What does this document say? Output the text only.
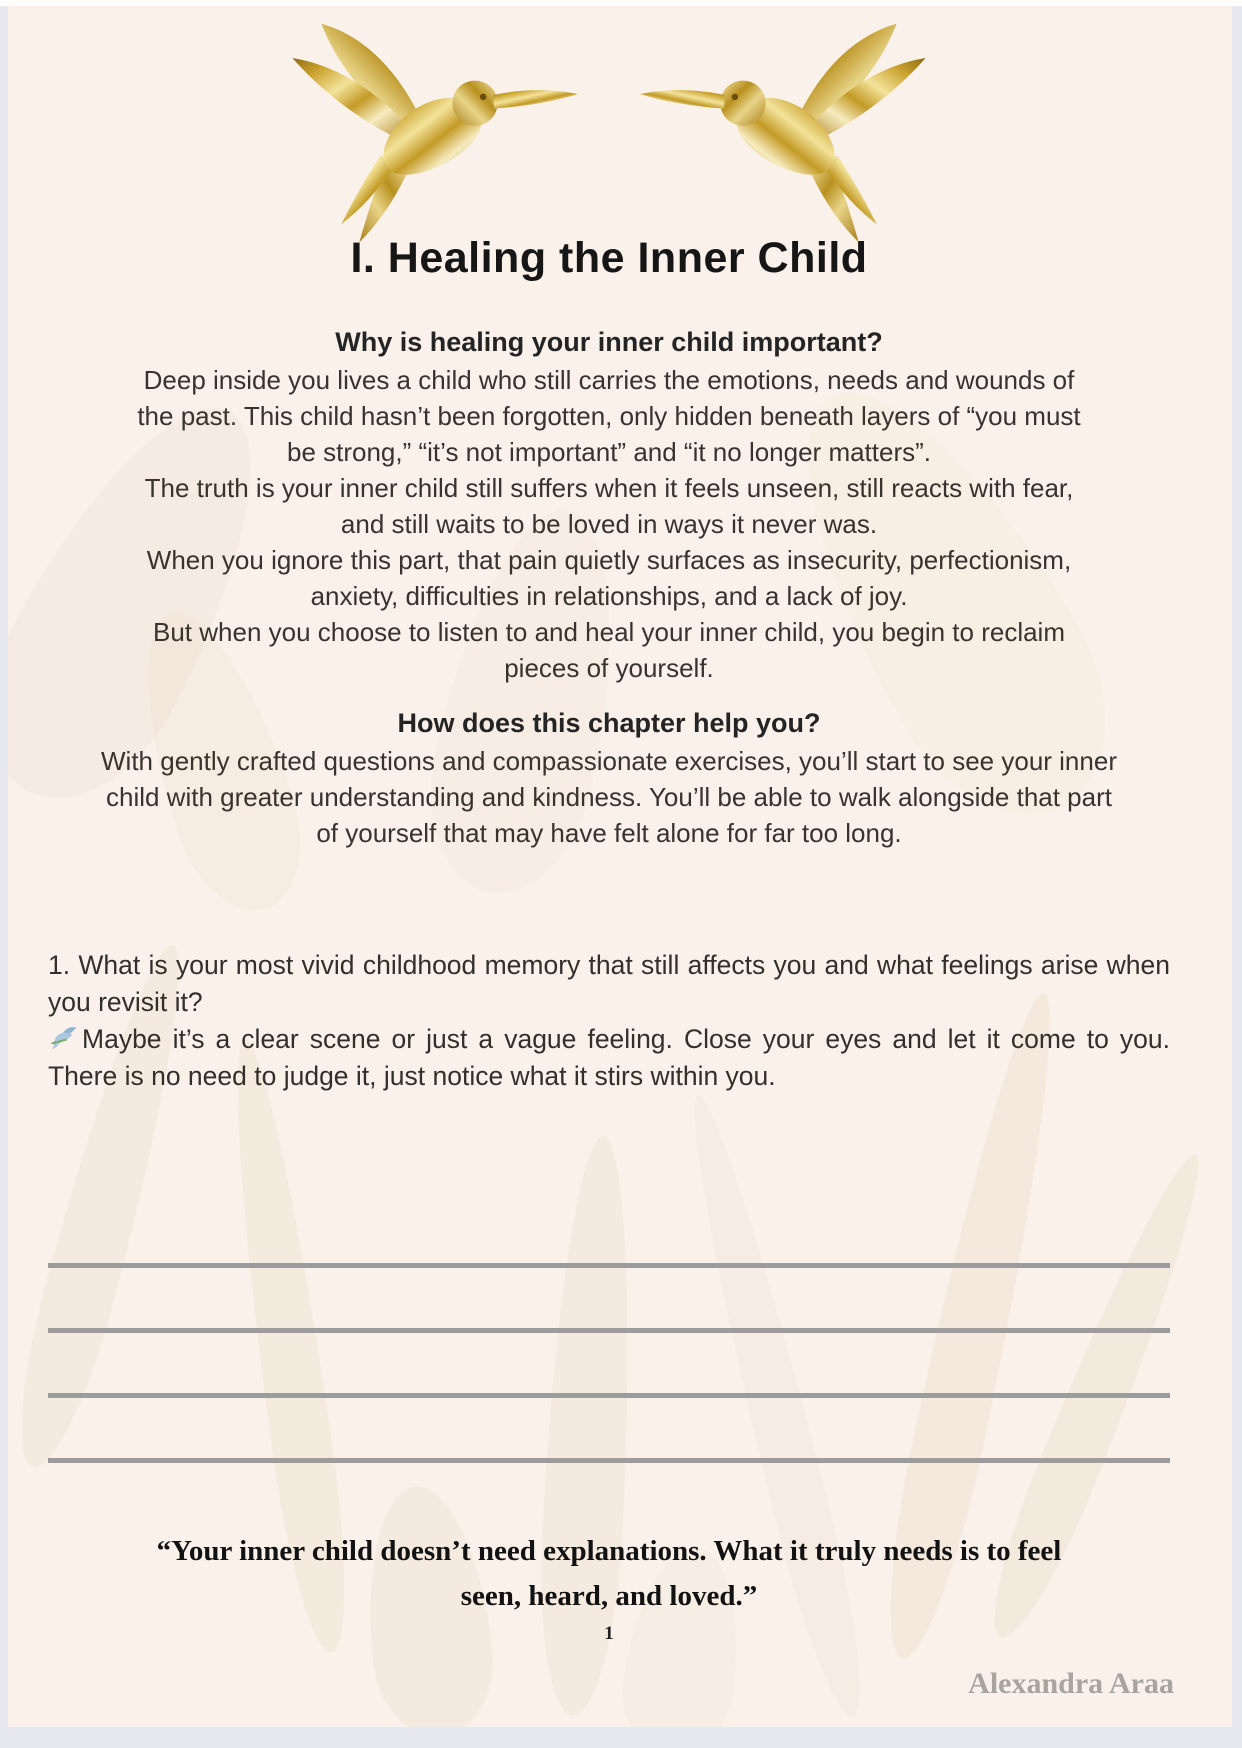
I. Healing the Inner Child
Why is healing your inner child important?

Deep inside you lives a child who still carries the emotions, needs and wounds of the past. This child hasn’t been forgotten, only hidden beneath layers of “you must be strong,” “it’s not important” and “it no longer matters”.

The truth is your inner child still suffers when it feels unseen, still reacts with fear, and still waits to be loved in ways it never was.

When you ignore this part, that pain quietly surfaces as insecurity, perfectionism, anxiety, difficulties in relationships, and a lack of joy.

But when you choose to listen to and heal your inner child, you begin to reclaim pieces of yourself.

How does this chapter help you?

With gently crafted questions and compassionate exercises, you’ll start to see your inner child with greater understanding and kindness. You’ll be able to walk alongside that part of yourself that may have felt alone for far too long.

1. What is your most vivid childhood memory that still affects you and what feelings arise when you revisit it?

Maybe it’s a clear scene or just a vague feeling. Close your eyes and let it come to you. There is no need to judge it, just notice what it stirs within you.

“Your inner child doesn’t need explanations. What it truly needs is to feel seen, heard, and loved.”
1
Alexandra Araa
